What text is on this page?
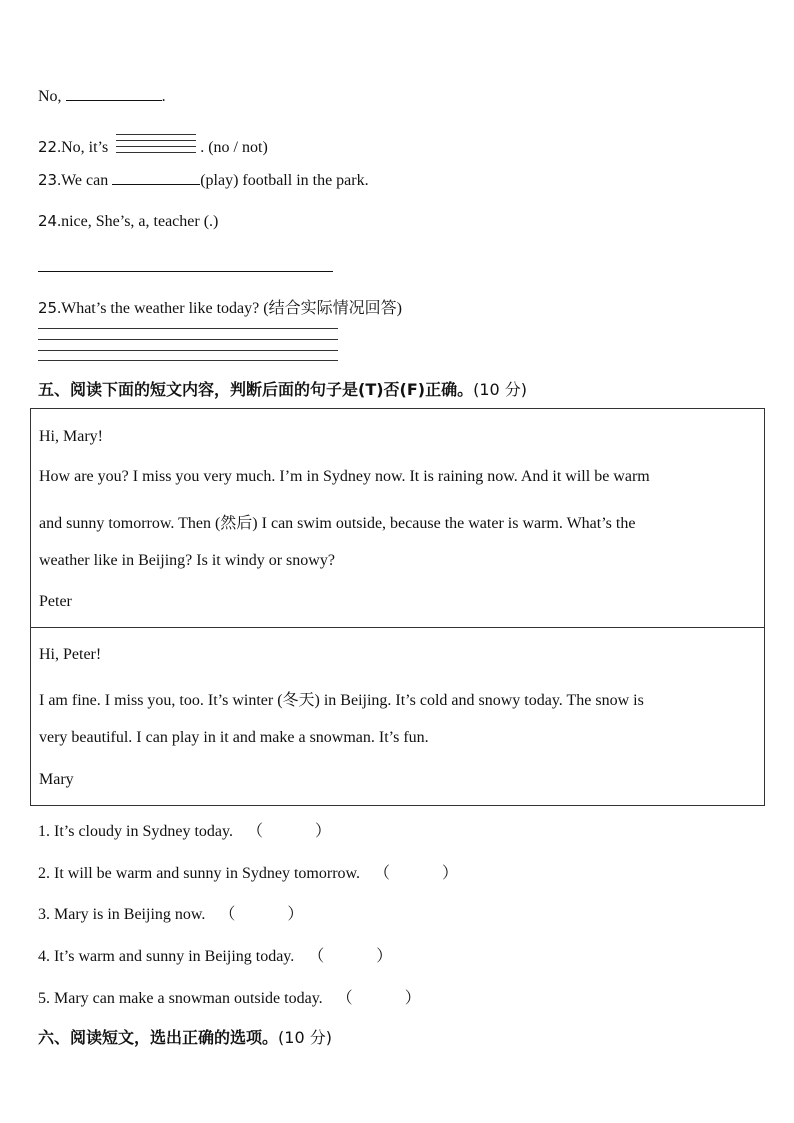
No,	.
22.No, it’s	. (no / not)
23.We can	(play) football in the park.
24.nice, She’s, a, teacher (.)
25.What’s the weather like today? (结合实际情况回答)
五、阅读下面的短文内容，判断后面的句子是(T)否(F)正确。(10 分)

Hi, Mary!

How are you? I miss you very much. I’m in Sydney now. It is raining now. And it will be warm

and sunny tomorrow. Then (然后) I can swim outside, because the water is warm. What’s the

weather like in Beijing? Is it windy or snowy?

Peter

Hi, Peter!

I am fine. I miss you, too. It’s winter (冬天) in Beijing. It’s cold and snowy today. The snow is

very beautiful. I can play in it and make a snowman. It’s fun.

Mary

1. It’s cloudy in Sydney today. （	）
2. It will be warm and sunny in Sydney tomorrow. （	）
3. Mary is in Beijing now. （	）
4. It’s warm and sunny in Beijing today. （	）
5. Mary can make a snowman outside today. （	）
六、阅读短文，选出正确的选项。(10 分)
